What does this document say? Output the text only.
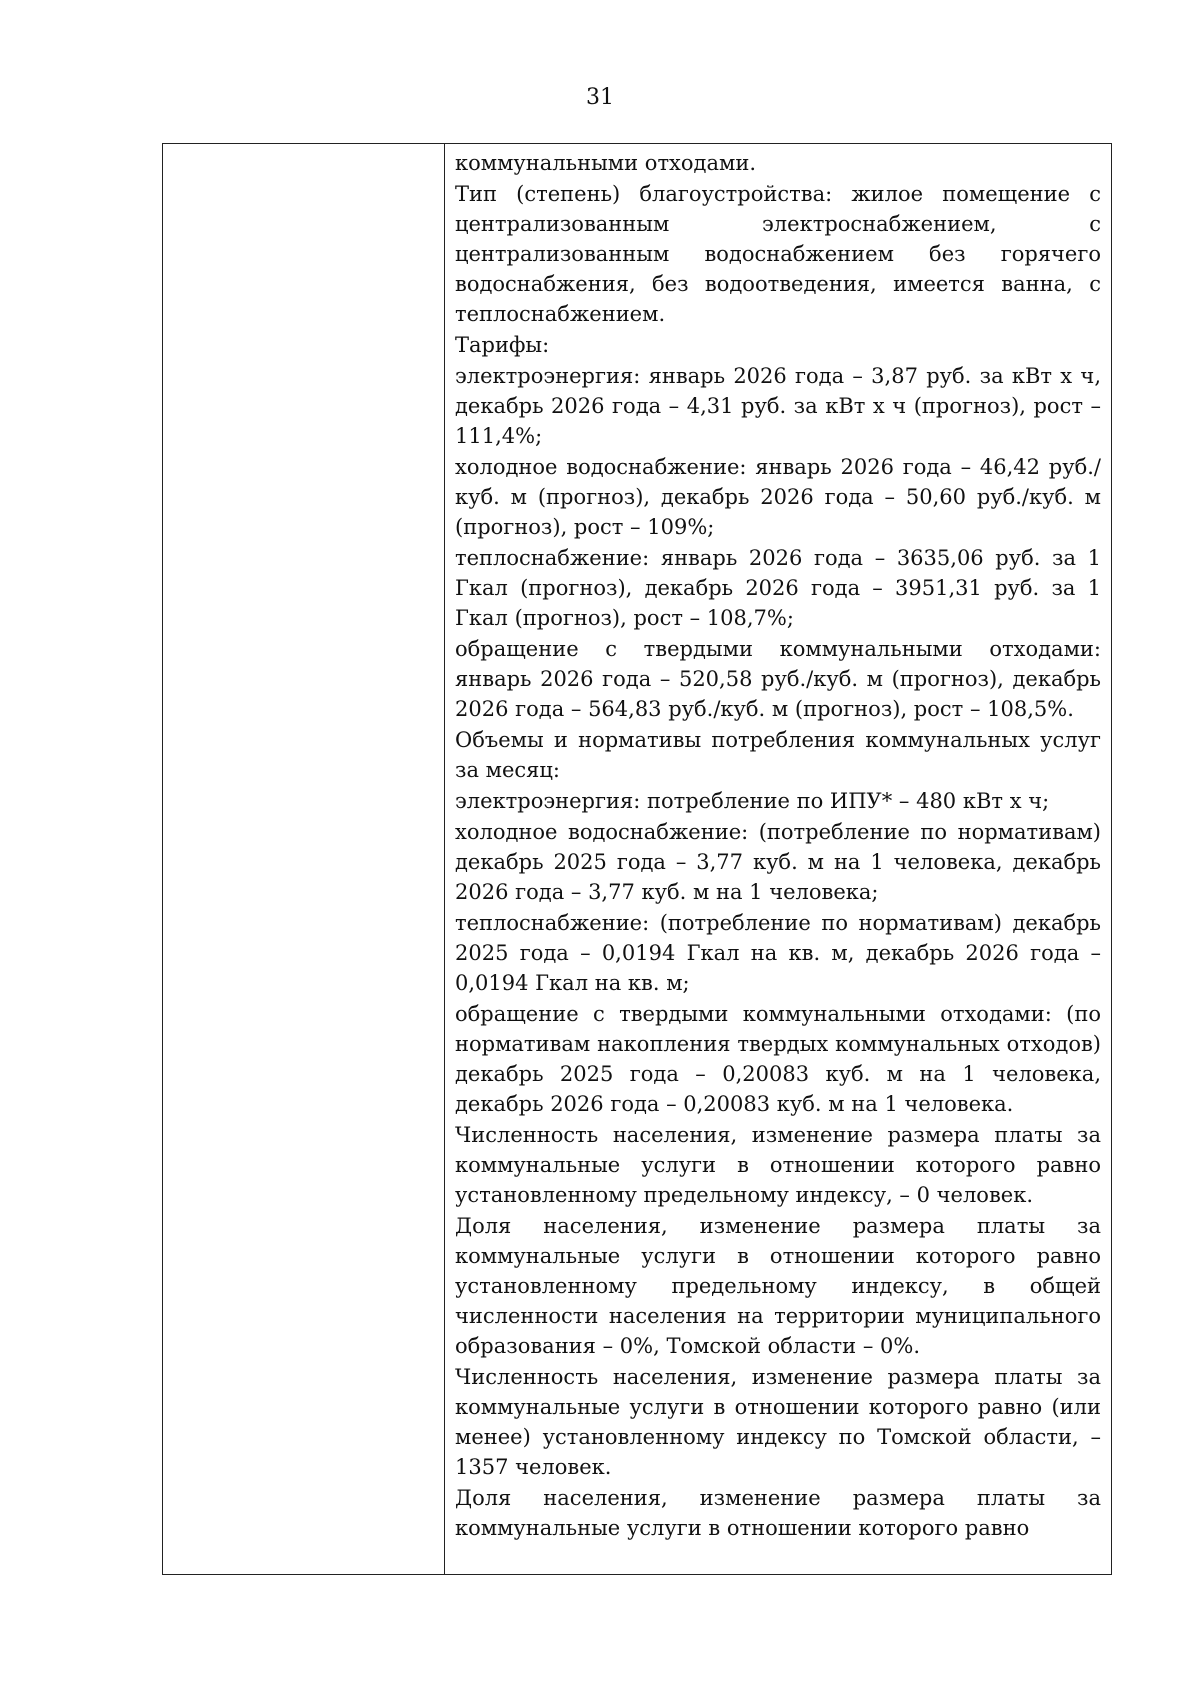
31

коммунальными отходами.

Тип (степень) благоустройства: жилое помещение с централизованным электроснабжением, с централизованным водоснабжением без горячего водоснабжения, без водоотведения, имеется ванна, с теплоснабжением.

Тарифы:

электроэнергия: январь 2026 года – 3,87 руб. за кВт х ч, декабрь 2026 года – 4,31 руб. за кВт х ч (прогноз), рост – 111,4%;

холодное водоснабжение: январь 2026 года – 46,42 руб./ куб. м (прогноз), декабрь 2026 года – 50,60 руб./куб. м (прогноз), рост – 109%;

теплоснабжение: январь 2026 года – 3635,06 руб. за 1 Гкал (прогноз), декабрь 2026 года – 3951,31 руб. за 1 Гкал (прогноз), рост – 108,7%;

обращение с твердыми коммунальными отходами: январь 2026 года – 520,58 руб./куб. м (прогноз), декабрь 2026 года – 564,83 руб./куб. м (прогноз), рост – 108,5%.

Объемы и нормативы потребления коммунальных услуг за месяц:

электроэнергия: потребление по ИПУ* – 480 кВт х ч;

холодное водоснабжение: (потребление по нормативам) декабрь 2025 года – 3,77 куб. м на 1 человека, декабрь 2026 года – 3,77 куб. м на 1 человека;

теплоснабжение: (потребление по нормативам) декабрь 2025 года – 0,0194 Гкал на кв. м, декабрь 2026 года – 0,0194 Гкал на кв. м;

обращение с твердыми коммунальными отходами: (по нормативам накопления твердых коммунальных отходов) декабрь 2025 года – 0,20083 куб. м на 1 человека, декабрь 2026 года – 0,20083 куб. м на 1 человека.

Численность населения, изменение размера платы за коммунальные услуги в отношении которого равно установленному предельному индексу, – 0 человек.

Доля населения, изменение размера платы за коммунальные услуги в отношении которого равно установленному предельному индексу, в общей численности населения на территории муниципального образования – 0%, Томской области – 0%.

Численность населения, изменение размера платы за коммунальные услуги в отношении которого равно (или менее) установленному индексу по Томской области, – 1357 человек.

Доля населения, изменение размера платы за коммунальные услуги в отношении которого равно
